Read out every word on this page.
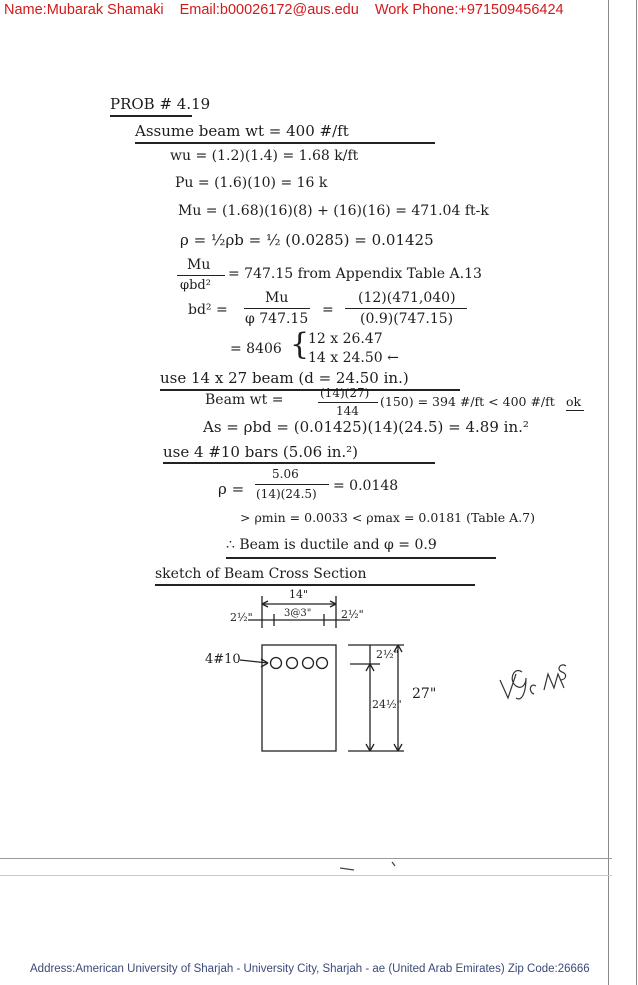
Name:Mubarak Shamaki Email:b00026172@aus.edu Work Phone:+971509456424
PROB # 4.19
Assume beam wt = 400 #/ft
wu = (1.2)(1.4) = 1.68 k/ft
Pu = (1.6)(10) = 16 k
Mu = (1.68)(16)(8) + (16)(16) = 471.04 ft-k
ρ = ½ρb = ½ (0.0285) = 0.01425
Mu
φbd²
= 747.15 from Appendix Table A.13
bd² =
Mu
φ 747.15
=
(12)(471,040)
(0.9)(747.15)
= 8406 {
12 x 26.47
14 x 24.50 ←
use 14 x 27 beam (d = 24.50 in.)
Beam wt =	(14)(27)
144
(150) = 394 #/ft < 400 #/ft ok
As = ρbd = (0.01425)(14)(24.5) = 4.89 in.²
use 4 #10 bars (5.06 in.²)
ρ =
5.06
(14)(24.5) = 0.0148
> ρmin = 0.0033 < ρmax = 0.0181 (Table A.7)
∴ Beam is ductile and φ = 0.9
sketch of Beam Cross Section
14"
2½"	3@3"	2½"
4#10	2½"
24½"
27"
Address:American University of Sharjah - University City, Sharjah - ae (United Arab Emirates) Zip Code:26666
